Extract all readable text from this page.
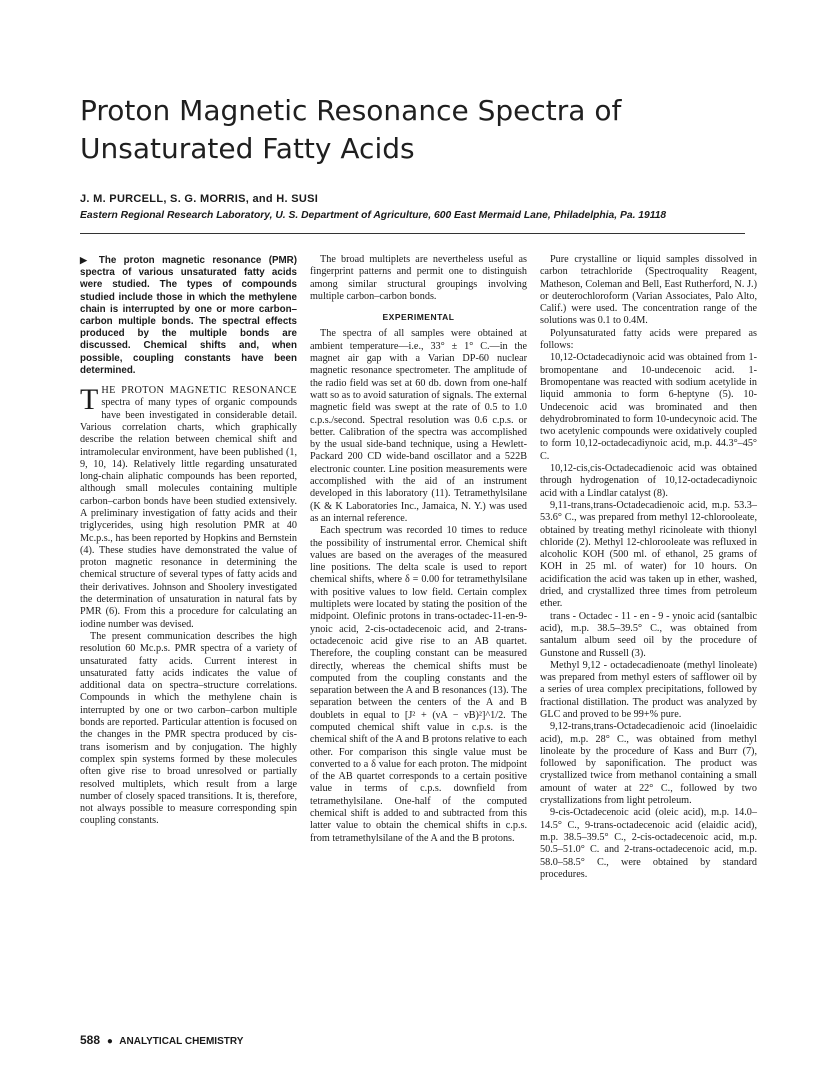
Proton Magnetic Resonance Spectra of Unsaturated Fatty Acids
J. M. PURCELL, S. G. MORRIS, and H. SUSI
Eastern Regional Research Laboratory, U. S. Department of Agriculture, 600 East Mermaid Lane, Philadelphia, Pa. 19118
▶ The proton magnetic resonance (PMR) spectra of various unsaturated fatty acids were studied. The types of compounds studied include those in which the methylene chain is interrupted by one or more carbon–carbon multiple bonds. The spectral effects produced by the multiple bonds are discussed. Chemical shifts and, when possible, coupling constants have been determined.

THE PROTON MAGNETIC RESONANCE spectra of many types of organic compounds have been investigated in considerable detail. Various correlation charts, which graphically describe the relation between chemical shift and intramolecular environment, have been published (1, 9, 10, 14). Relatively little regarding unsaturated long-chain aliphatic compounds has been reported, although small molecules containing multiple carbon–carbon bonds have been studied extensively. A preliminary investigation of fatty acids and their triglycerides, using high resolution PMR at 40 Mc.p.s., has been reported by Hopkins and Bernstein (4). These studies have demonstrated the value of proton magnetic resonance in determining the chemical structure of several types of fatty acids and their derivatives. Johnson and Shoolery investigated the determination of unsaturation in natural fats by PMR (6). From this a procedure for calculating an iodine number was devised.

The present communication describes the high resolution 60 Mc.p.s. PMR spectra of a variety of unsaturated fatty acids. Current interest in unsaturated fatty acids indicates the value of additional data on spectra–structure correlations. Compounds in which the methylene chain is interrupted by one or two carbon–carbon multiple bonds are reported. Particular attention is focused on the changes in the PMR spectra produced by cis-trans isomerism and by conjugation. The highly complex spin systems formed by these molecules often give rise to broad unresolved or partially resolved multiplets, which result from a large number of closely spaced transitions. It is, therefore, not always possible to measure corresponding spin coupling constants.

The broad multiplets are nevertheless useful as fingerprint patterns and permit one to distinguish among similar structural groupings involving multiple carbon–carbon bonds.

EXPERIMENTAL

The spectra of all samples were obtained at ambient temperature—i.e., 33° ± 1° C.—in the magnet air gap with a Varian DP-60 nuclear magnetic resonance spectrometer. The amplitude of the radio field was set at 60 db. down from one-half watt so as to avoid saturation of signals. The external magnetic field was swept at the rate of 0.5 to 1.0 c.p.s./second. Spectral resolution was 0.6 c.p.s. or better. Calibration of the spectra was accomplished by the usual side-band technique, using a Hewlett-Packard 200 CD wide-band oscillator and a 522B electronic counter. Line position measurements were accomplished with the aid of an instrument developed in this laboratory (11). Tetramethylsilane (K & K Laboratories Inc., Jamaica, N. Y.) was used as an internal reference.

Each spectrum was recorded 10 times to reduce the possibility of instrumental error. Chemical shift values are based on the averages of the measured line positions. The delta scale is used to report chemical shifts, where δ = 0.00 for tetramethylsilane with positive values to low field. Certain complex multiplets were located by stating the position of the midpoint. Olefinic protons in trans-octadec-11-en-9-ynoic acid, 2-cis-octadecenoic acid, and 2-trans-octadecenoic acid give rise to an AB quartet. Therefore, the coupling constant can be measured directly, whereas the chemical shifts must be computed from the coupling constants and the separation between the A and B resonances (13). The separation between the centers of the A and B doublets in equal to [J² + (νA − νB)²]^1/2. The computed chemical shift value in c.p.s. is the chemical shift of the A and B protons relative to each other. For comparison this single value must be converted to a δ value for each proton. The midpoint of the AB quartet corresponds to a certain positive value in terms of c.p.s. downfield from tetramethylsilane. One-half of the computed chemical shift is added to and subtracted from this latter value to obtain the chemical shifts in c.p.s. from tetramethylsilane of the A and the B protons.

Pure crystalline or liquid samples dissolved in carbon tetrachloride (Spectroquality Reagent, Matheson, Coleman and Bell, East Rutherford, N. J.) or deuterochloroform (Varian Associates, Palo Alto, Calif.) were used. The concentration range of the solutions was 0.1 to 0.4M.

Polyunsaturated fatty acids were prepared as follows:

10,12-Octadecadiynoic acid was obtained from 1-bromopentane and 10-undecenoic acid. 1-Bromopentane was reacted with sodium acetylide in liquid ammonia to form 6-heptyne (5). 10-Undecenoic acid was brominated and then dehydrobrominated to form 10-undecynoic acid. The two acetylenic compounds were oxidatively coupled to form 10,12-octadecadiynoic acid, m.p. 44.3°–45° C.

10,12-cis,cis-Octadecadienoic acid was obtained through hydrogenation of 10,12-octadecadiynoic acid with a Lindlar catalyst (8).

9,11-trans,trans-Octadecadienoic acid, m.p. 53.3–53.6° C., was prepared from methyl 12-chlorooleate, obtained by treating methyl ricinoleate with thionyl chloride (2). Methyl 12-chlorooleate was refluxed in alcoholic KOH (500 ml. of ethanol, 25 grams of KOH in 25 ml. of water) for 10 hours. On acidification the acid was taken up in ether, washed, dried, and crystallized three times from petroleum ether.

trans - Octadec - 11 - en - 9 - ynoic acid (santalbic acid), m.p. 38.5–39.5° C., was obtained from santalum album seed oil by the procedure of Gunstone and Russell (3).

Methyl 9,12 - octadecadienoate (methyl linoleate) was prepared from methyl esters of safflower oil by a series of urea complex precipitations, followed by fractional distillation. The product was analyzed by GLC and proved to be 99+% pure.

9,12-trans,trans-Octadecadienoic acid (linoelaidic acid), m.p. 28° C., was obtained from methyl linoleate by the procedure of Kass and Burr (7), followed by saponification. The product was crystallized twice from methanol containing a small amount of water at 22° C., followed by two crystallizations from light petroleum.

9-cis-Octadecenoic acid (oleic acid), m.p. 14.0–14.5° C., 9-trans-octadecenoic acid (elaidic acid), m.p. 38.5–39.5° C., 2-cis-octadecenoic acid, m.p. 50.5–51.0° C. and 2-trans-octadecenoic acid, m.p. 58.0–58.5° C., were obtained by standard procedures.

588 ● ANALYTICAL CHEMISTRY
